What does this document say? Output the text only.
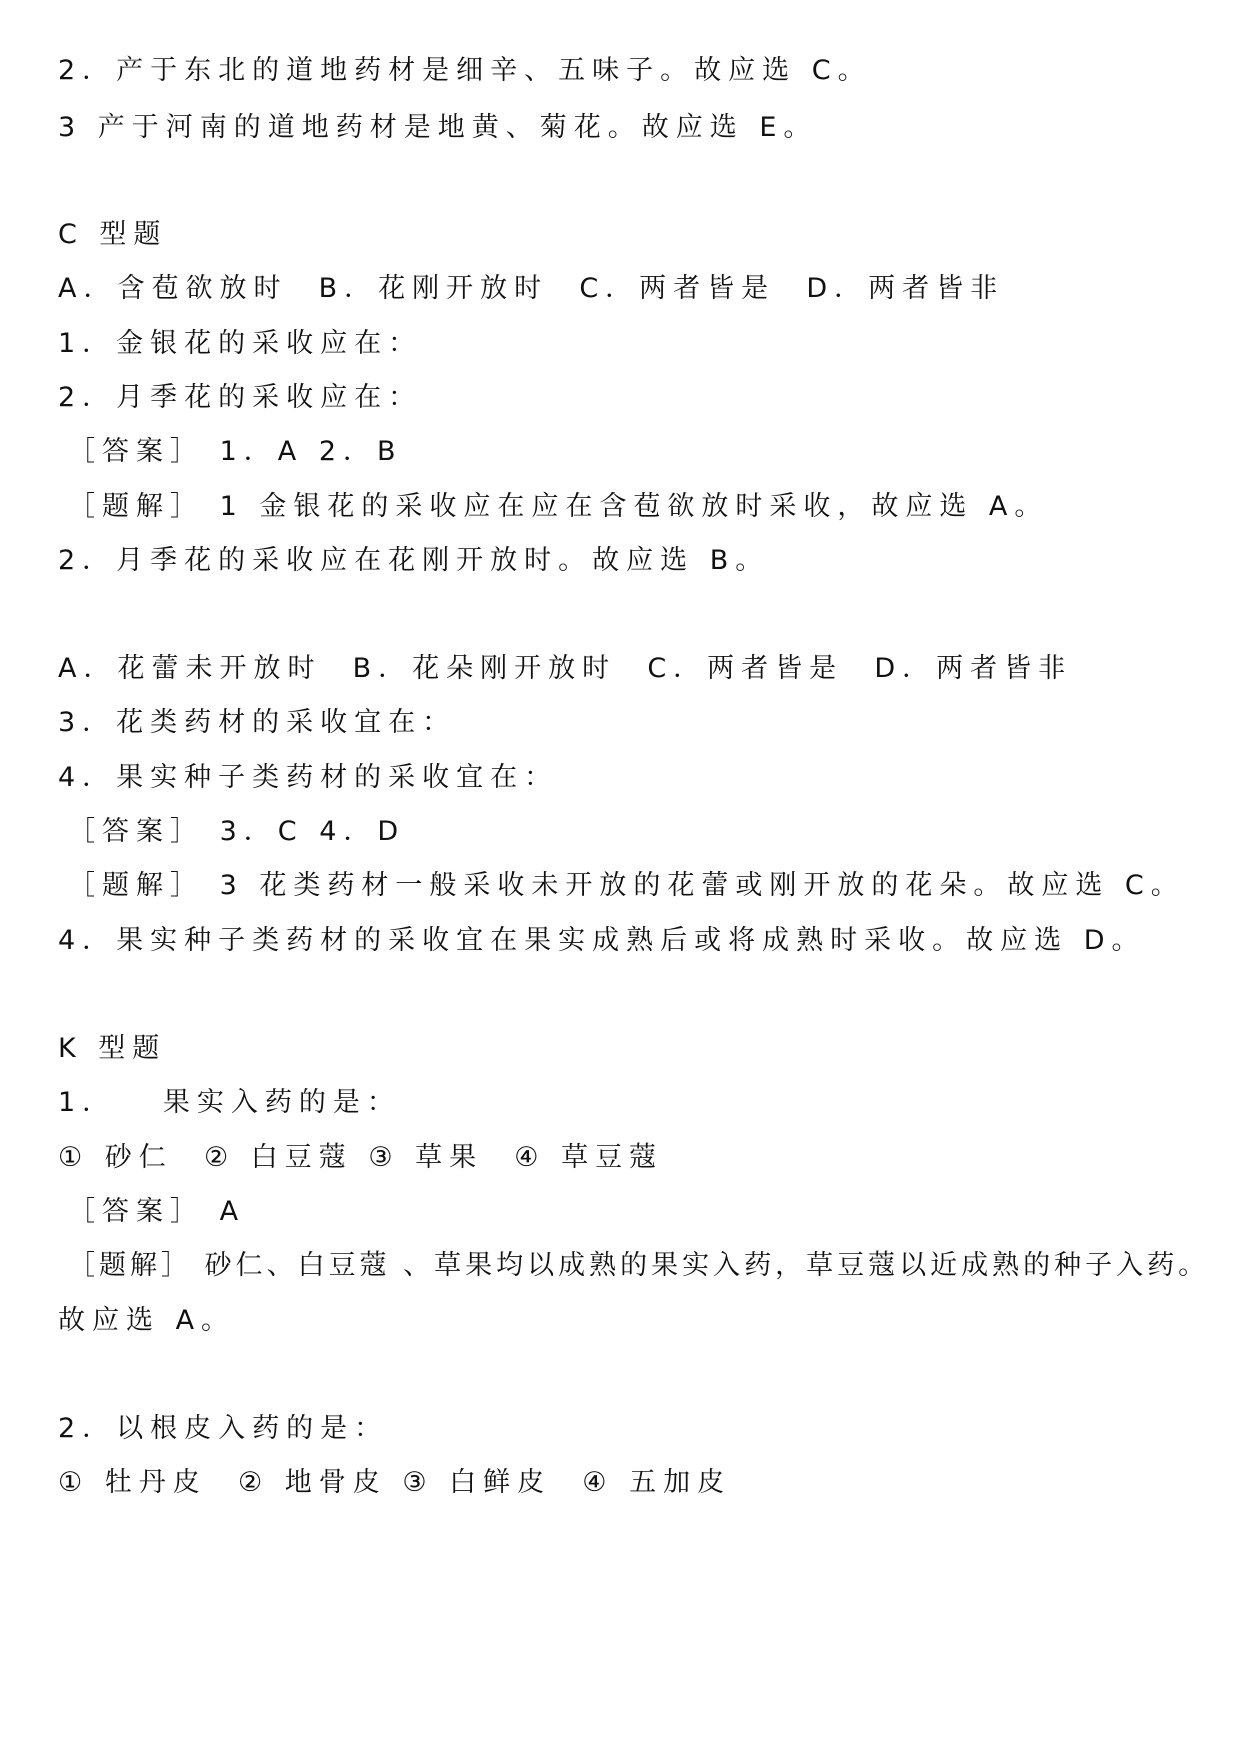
2．产于东北的道地药材是细辛、五味子。故应选 C。
3 产于河南的道地药材是地黄、菊花。故应选 E。
C 型题
A．含苞欲放时  B．花刚开放时  C．两者皆是  D．两者皆非
1．金银花的采收应在：
2．月季花的采收应在：
［答案］ 1．A 2．B
［题解］ 1 金银花的采收应在应在含苞欲放时采收，故应选 A。
2．月季花的采收应在花刚开放时。故应选 B。
A．花蕾未开放时  B．花朵刚开放时  C．两者皆是  D．两者皆非
3．花类药材的采收宜在：
4．果实种子类药材的采收宜在：
［答案］ 3．C 4．D
［题解］ 3 花类药材一般采收未开放的花蕾或刚开放的花朵。故应选 C。
4．果实种子类药材的采收宜在果实成熟后或将成熟时采收。故应选 D。
K 型题
1．   果实入药的是：
① 砂仁  ② 白豆蔻 ③ 草果  ④ 草豆蔻
［答案］ A
［题解］ 砂仁、白豆蔻 、草果均以成熟的果实入药，草豆蔻以近成熟的种子入药。
故应选 A。
2．以根皮入药的是：
① 牡丹皮  ② 地骨皮 ③ 白鲜皮  ④ 五加皮
